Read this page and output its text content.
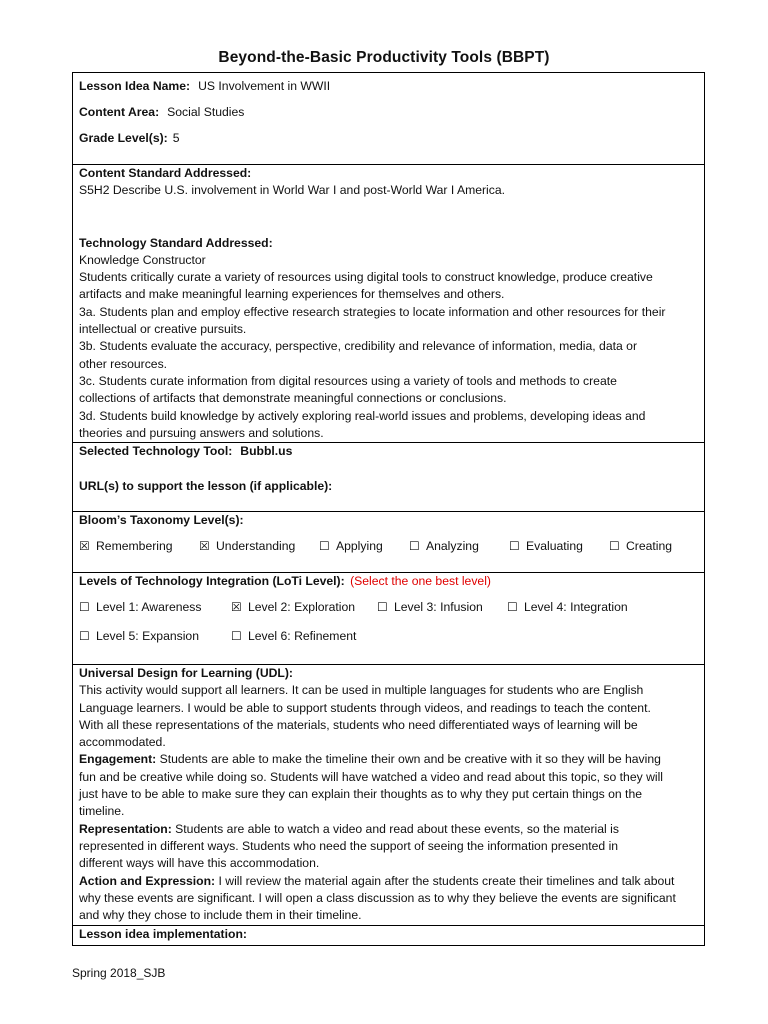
Beyond-the-Basic Productivity Tools (BBPT)
Lesson Idea Name: US Involvement in WWII
Content Area: Social Studies
Grade Level(s): 5
Content Standard Addressed:
S5H2 Describe U.S. involvement in World War I and post-World War I America.
Technology Standard Addressed:
Knowledge Constructor
Students critically curate a variety of resources using digital tools to construct knowledge, produce creative
artifacts and make meaningful learning experiences for themselves and others.
3a. Students plan and employ effective research strategies to locate information and other resources for their
intellectual or creative pursuits.
3b. Students evaluate the accuracy, perspective, credibility and relevance of information, media, data or
other resources.
3c. Students curate information from digital resources using a variety of tools and methods to create
collections of artifacts that demonstrate meaningful connections or conclusions.
3d. Students build knowledge by actively exploring real-world issues and problems, developing ideas and
theories and pursuing answers and solutions.
Selected Technology Tool: Bubbl.us
URL(s) to support the lesson (if applicable):
Bloom’s Taxonomy Level(s):
☒ Remembering ☒ Understanding ☐ Applying ☐ Analyzing	☐ Evaluating ☐ Creating
Levels of Technology Integration (LoTi Level): (Select the one best level)
☐ Level 1: Awareness ☒ Level 2: Exploration ☐ Level 3: Infusion ☐ Level 4: Integration
☐ Level 5: Expansion	☐ Level 6: Refinement
Universal Design for Learning (UDL):
This activity would support all learners. It can be used in multiple languages for students who are English
Language learners. I would be able to support students through videos, and readings to teach the content.
With all these representations of the materials, students who need differentiated ways of learning will be
accommodated.
Engagement: Students are able to make the timeline their own and be creative with it so they will be having
fun and be creative while doing so. Students will have watched a video and read about this topic, so they will
just have to be able to make sure they can explain their thoughts as to why they put certain things on the
timeline.
Representation: Students are able to watch a video and read about these events, so the material is
represented in different ways. Students who need the support of seeing the information presented in
different ways will have this accommodation.
Action and Expression: I will review the material again after the students create their timelines and talk about
why these events are significant. I will open a class discussion as to why they believe the events are significant
and why they chose to include them in their timeline.
Lesson idea implementation:
Spring 2018_SJB
